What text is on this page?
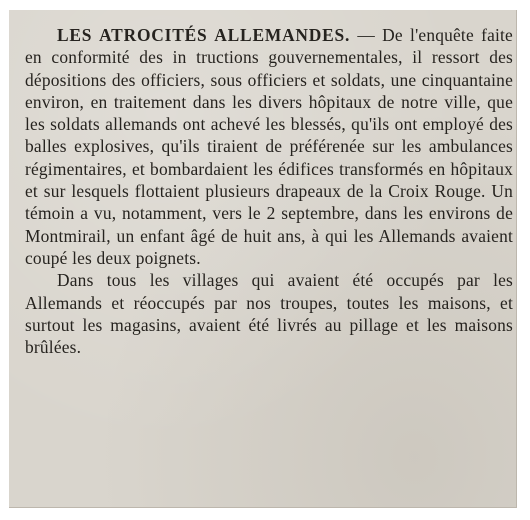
LES ATROCITÉS ALLEMANDES. — De l'enquête faite en conformité des in tructions gouvernementales, il ressort des dépositions des officiers, sous officiers et soldats, une cinquantaine environ, en traitement dans les divers hôpitaux de notre ville, que les soldats allemands ont achevé les blessés, qu'ils ont employé des balles explosives, qu'ils tiraient de préférenée sur les ambulances régimentaires, et bombardaient les édifices transformés en hôpitaux et sur lesquels flottaient plusieurs drapeaux de la Croix Rouge. Un témoin a vu, notamment, vers le 2 septembre, dans les environs de Montmirail, un enfant âgé de huit ans, à qui les Allemands avaient coupé les deux poignets.

Dans tous les villages qui avaient été occupés par les Allemands et réoccupés par nos troupes, toutes les maisons, et surtout les magasins, avaient été livrés au pillage et les maisons brûlées.
